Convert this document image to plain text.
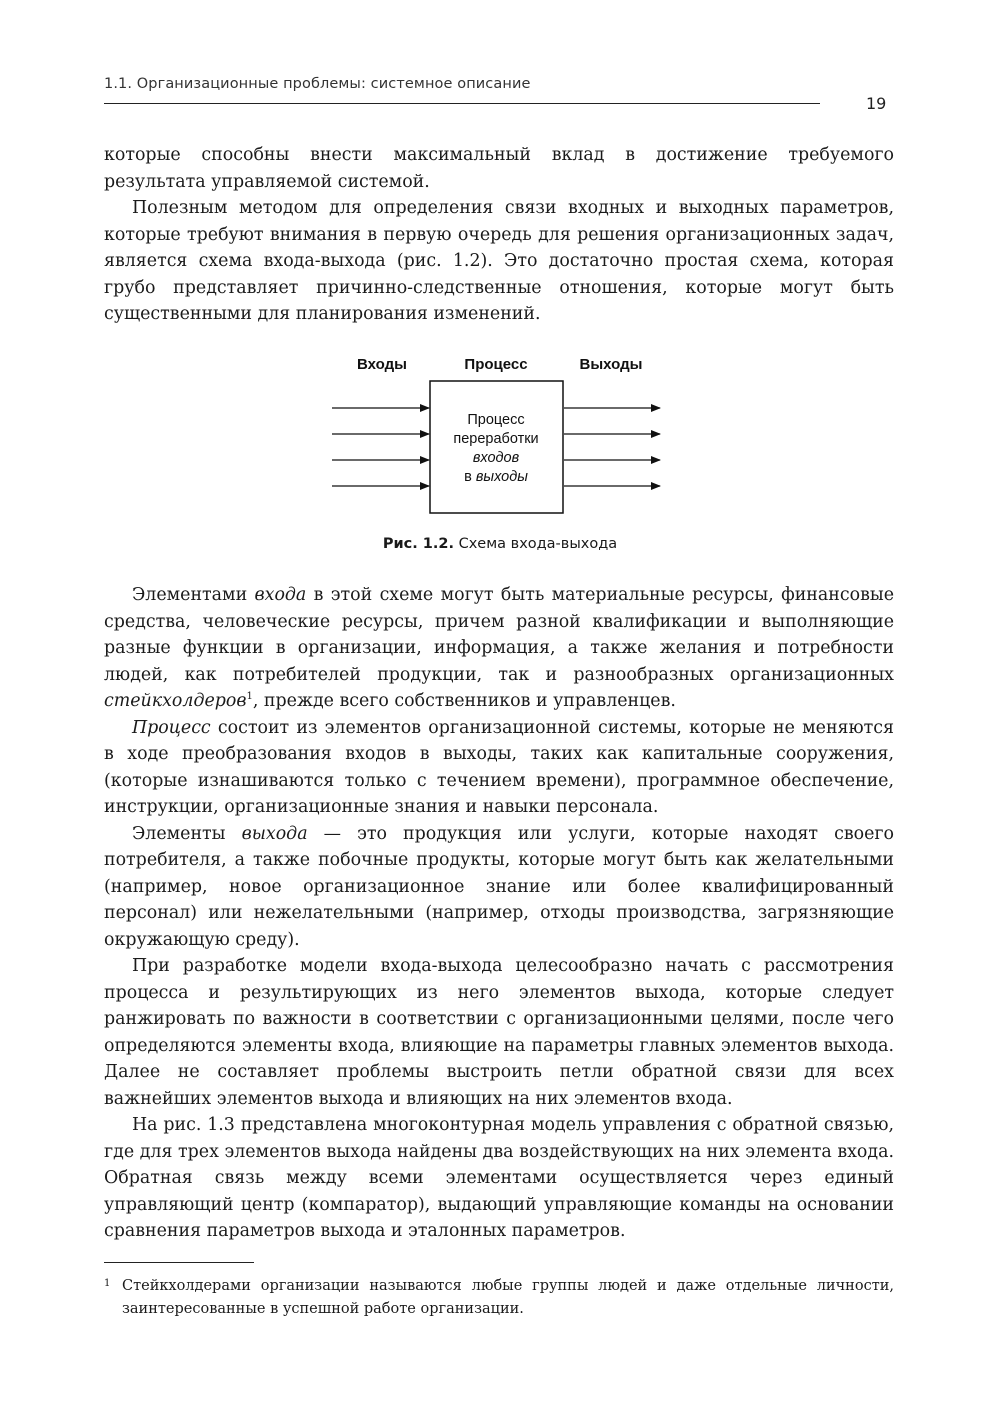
1.1. Организационные проблемы: системное описание
19

которые способны внести максимальный вклад в достижение требуемого результата управляемой системой.

Полезным методом для определения связи входных и выходных параметров, которые требуют внимания в первую очередь для решения организационных задач, является схема входа-выхода (рис. 1.2). Это достаточно простая схема, которая грубо представляет причинно-следственные отношения, которые могут быть существенными для планирования изменений.

Входы	Процесс	Выходы
Процесс
переработки
входов
в выходы
Рис. 1.2. Схема входа-выхода

Элементами входа в этой схеме могут быть материальные ресурсы, финансовые средства, человеческие ресурсы, причем разной квалификации и выполняющие разные функции в организации, информация, а также желания и потребности людей, как потребителей продукции, так и разнообразных организационных стейкхолдеров$^1$, прежде всего собственников и управленцев.

Процесс состоит из элементов организационной системы, которые не меняются в ходе преобразования входов в выходы, таких как капитальные сооружения, (которые изнашиваются только с течением времени), программное обеспечение, инструкции, организационные знания и навыки персонала.

Элементы выхода — это продукция или услуги, которые находят своего потребителя, а также побочные продукты, которые могут быть как желательными (например, новое организационное знание или более квалифицированный персонал) или нежелательными (например, отходы производства, загрязняющие окружающую среду).

При разработке модели входа-выхода целесообразно начать с рассмотрения процесса и результирующих из него элементов выхода, которые следует ранжировать по важности в соответствии с организационными целями, после чего определяются элементы входа, влияющие на параметры главных элементов выхода. Далее не составляет проблемы выстроить петли обратной связи для всех важнейших элементов выхода и влияющих на них элементов входа.

На рис. 1.3 представлена многоконтурная модель управления с обратной связью, где для трех элементов выхода найдены два воздействующих на них элемента входа. Обратная связь между всеми элементами осуществляется через единый управляющий центр (компаратор), выдающий управляющие команды на основании сравнения параметров выхода и эталонных параметров.

1 Стейкхолдерами организации называются любые группы людей и даже отдельные личности, заинтересованные в успешной работе организации.
